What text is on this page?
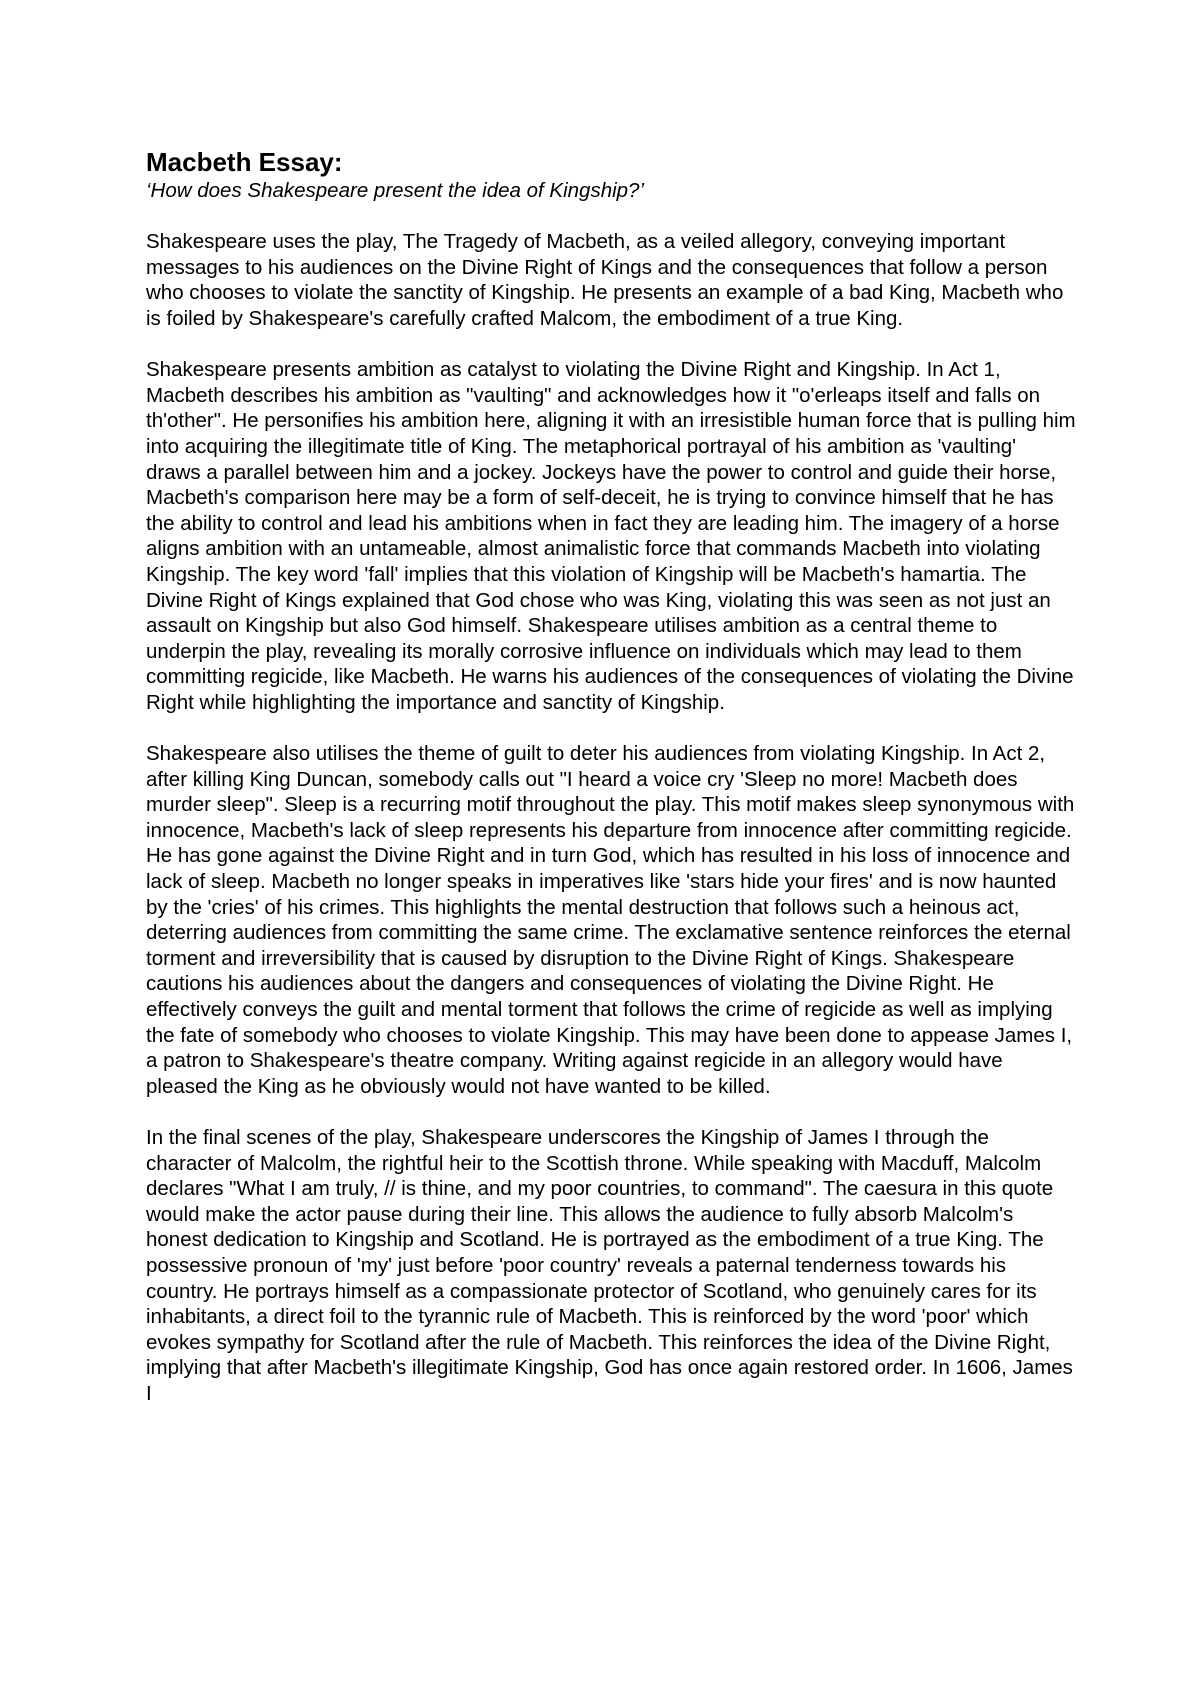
Macbeth Essay:

‘How does Shakespeare present the idea of Kingship?’

Shakespeare uses the play, The Tragedy of Macbeth, as a veiled allegory, conveying important messages to his audiences on the Divine Right of Kings and the consequences that follow a person who chooses to violate the sanctity of Kingship. He presents an example of a bad King, Macbeth who is foiled by Shakespeare's carefully crafted Malcom, the embodiment of a true King.

Shakespeare presents ambition as catalyst to violating the Divine Right and Kingship. In Act 1, Macbeth describes his ambition as "vaulting" and acknowledges how it "o'erleaps itself and falls on th'other". He personifies his ambition here, aligning it with an irresistible human force that is pulling him into acquiring the illegitimate title of King. The metaphorical portrayal of his ambition as 'vaulting' draws a parallel between him and a jockey. Jockeys have the power to control and guide their horse, Macbeth's comparison here may be a form of self-deceit, he is trying to convince himself that he has the ability to control and lead his ambitions when in fact they are leading him. The imagery of a horse aligns ambition with an untameable, almost animalistic force that commands Macbeth into violating Kingship. The key word 'fall' implies that this violation of Kingship will be Macbeth's hamartia. The Divine Right of Kings explained that God chose who was King, violating this was seen as not just an assault on Kingship but also God himself. Shakespeare utilises ambition as a central theme to underpin the play, revealing its morally corrosive influence on individuals which may lead to them committing regicide, like Macbeth. He warns his audiences of the consequences of violating the Divine Right while highlighting the importance and sanctity of Kingship.

Shakespeare also utilises the theme of guilt to deter his audiences from violating Kingship. In Act 2, after killing King Duncan, somebody calls out "I heard a voice cry 'Sleep no more! Macbeth does murder sleep". Sleep is a recurring motif throughout the play. This motif makes sleep synonymous with innocence, Macbeth's lack of sleep represents his departure from innocence after committing regicide. He has gone against the Divine Right and in turn God, which has resulted in his loss of innocence and lack of sleep. Macbeth no longer speaks in imperatives like 'stars hide your fires' and is now haunted by the 'cries' of his crimes. This highlights the mental destruction that follows such a heinous act, deterring audiences from committing the same crime. The exclamative sentence reinforces the eternal torment and irreversibility that is caused by disruption to the Divine Right of Kings. Shakespeare cautions his audiences about the dangers and consequences of violating the Divine Right. He effectively conveys the guilt and mental torment that follows the crime of regicide as well as implying the fate of somebody who chooses to violate Kingship. This may have been done to appease James I, a patron to Shakespeare's theatre company. Writing against regicide in an allegory would have pleased the King as he obviously would not have wanted to be killed.

In the final scenes of the play, Shakespeare underscores the Kingship of James I through the character of Malcolm, the rightful heir to the Scottish throne. While speaking with Macduff, Malcolm declares "What I am truly, // is thine, and my poor countries, to command". The caesura in this quote would make the actor pause during their line. This allows the audience to fully absorb Malcolm's honest dedication to Kingship and Scotland. He is portrayed as the embodiment of a true King. The possessive pronoun of 'my' just before 'poor country' reveals a paternal tenderness towards his country. He portrays himself as a compassionate protector of Scotland, who genuinely cares for its inhabitants, a direct foil to the tyrannic rule of Macbeth. This is reinforced by the word 'poor' which evokes sympathy for Scotland after the rule of Macbeth. This reinforces the idea of the Divine Right, implying that after Macbeth's illegitimate Kingship, God has once again restored order. In 1606, James I
